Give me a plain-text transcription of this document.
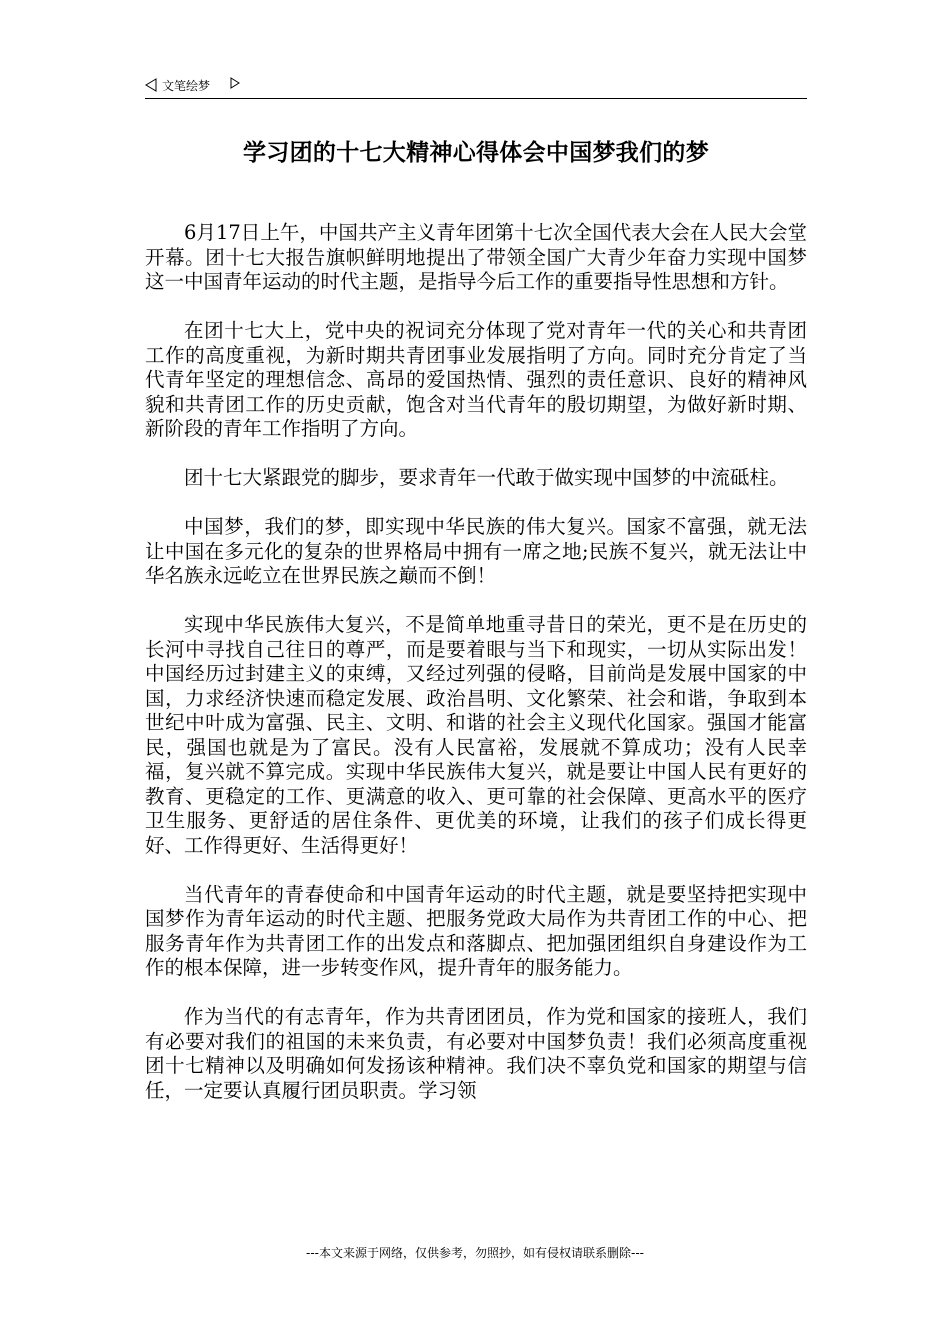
文笔绘梦
学习团的十七大精神心得体会中国梦我们的梦

6月17日上午，中国共产主义青年团第十七次全国代表大会在人民大会堂开幕。团十七大报告旗帜鲜明地提出了带领全国广大青少年奋力实现中国梦这一中国青年运动的时代主题，是指导今后工作的重要指导性思想和方针。

在团十七大上，党中央的祝词充分体现了党对青年一代的关心和共青团工作的高度重视，为新时期共青团事业发展指明了方向。同时充分肯定了当代青年坚定的理想信念、高昂的爱国热情、强烈的责任意识、良好的精神风貌和共青团工作的历史贡献，饱含对当代青年的殷切期望，为做好新时期、新阶段的青年工作指明了方向。

团十七大紧跟党的脚步，要求青年一代敢于做实现中国梦的中流砥柱。

中国梦，我们的梦，即实现中华民族的伟大复兴。国家不富强，就无法让中国在多元化的复杂的世界格局中拥有一席之地;民族不复兴，就无法让中华名族永远屹立在世界民族之巅而不倒！

实现中华民族伟大复兴，不是简单地重寻昔日的荣光，更不是在历史的长河中寻找自己往日的尊严，而是要着眼与当下和现实，一切从实际出发！中国经历过封建主义的束缚，又经过列强的侵略，目前尚是发展中国家的中国，力求经济快速而稳定发展、政治昌明、文化繁荣、社会和谐，争取到本世纪中叶成为富强、民主、文明、和谐的社会主义现代化国家。强国才能富民，强国也就是为了富民。没有人民富裕，发展就不算成功；没有人民幸福，复兴就不算完成。实现中华民族伟大复兴，就是要让中国人民有更好的教育、更稳定的工作、更满意的收入、更可靠的社会保障、更高水平的医疗卫生服务、更舒适的居住条件、更优美的环境，让我们的孩子们成长得更好、工作得更好、生活得更好！

当代青年的青春使命和中国青年运动的时代主题，就是要坚持把实现中国梦作为青年运动的时代主题、把服务党政大局作为共青团工作的中心、把服务青年作为共青团工作的出发点和落脚点、把加强团组织自身建设作为工作的根本保障，进一步转变作风，提升青年的服务能力。

作为当代的有志青年，作为共青团团员，作为党和国家的接班人，我们有必要对我们的祖国的未来负责，有必要对中国梦负责！我们必须高度重视团十七精神以及明确如何发扬该种精神。我们决不辜负党和国家的期望与信任，一定要认真履行团员职责。学习领

---本文来源于网络，仅供参考，勿照抄，如有侵权请联系删除---
